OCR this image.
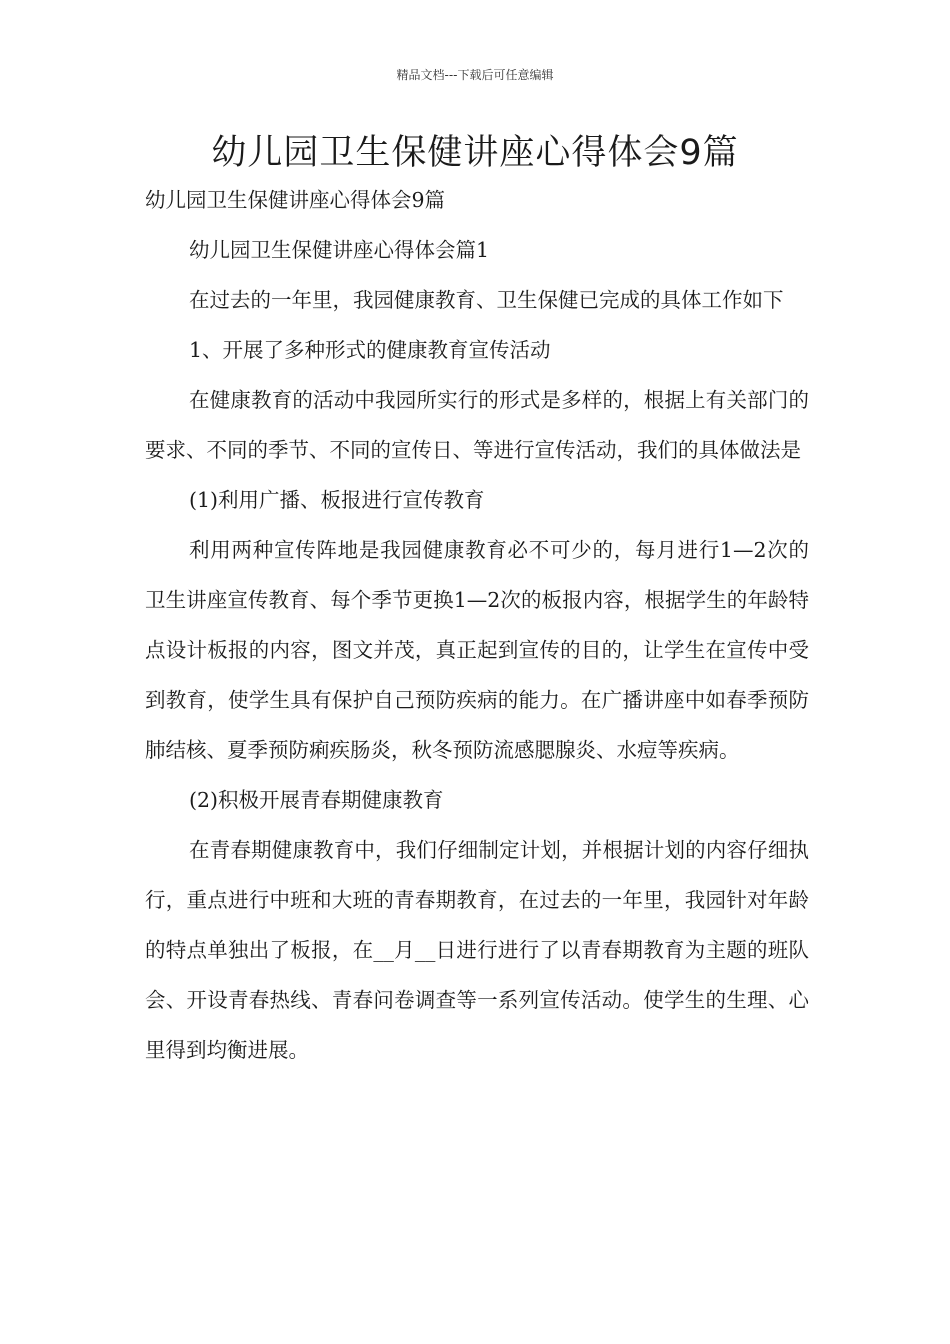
精品文档---下载后可任意编辑
幼儿园卫生保健讲座心得体会9篇

幼儿园卫生保健讲座心得体会9篇

幼儿园卫生保健讲座心得体会篇1

在过去的一年里，我园健康教育、卫生保健已完成的具体工作如下

1、开展了多种形式的健康教育宣传活动

在健康教育的活动中我园所实行的形式是多样的，根据上有关部门的要求、不同的季节、不同的宣传日、等进行宣传活动，我们的具体做法是

(1)利用广播、板报进行宣传教育

利用两种宣传阵地是我园健康教育必不可少的，每月进行1—2次的卫生讲座宣传教育、每个季节更换1—2次的板报内容，根据学生的年龄特点设计板报的内容，图文并茂，真正起到宣传的目的，让学生在宣传中受到教育，使学生具有保护自己预防疾病的能力。在广播讲座中如春季预防肺结核、夏季预防痢疾肠炎，秋冬预防流感腮腺炎、水痘等疾病。

(2)积极开展青春期健康教育

在青春期健康教育中，我们仔细制定计划，并根据计划的内容仔细执行，重点进行中班和大班的青春期教育，在过去的一年里，我园针对年龄的特点单独出了板报，在__月__日进行进行了以青春期教育为主题的班队会、开设青春热线、青春问卷调查等一系列宣传活动。使学生的生理、心里得到均衡进展。
